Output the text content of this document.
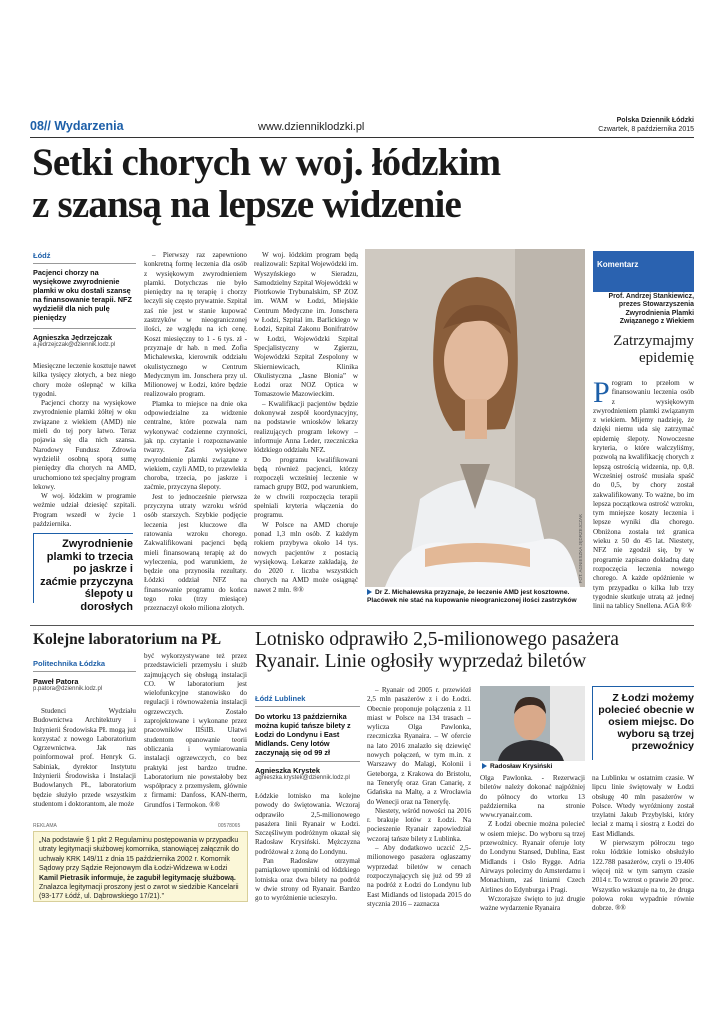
08// Wydarzenia	www.dzienniklodzki.pl
Polska Dziennik Łódzki
Czwartek, 8 października 2015
Setki chorych w woj. łódzkim
z szansą na lepsze widzenie
Łódź
Pacjenci chorzy na wysiękowe zwyrodnienie plamki w oku dostali szansę na finansowanie terapii. NFZ wydzielił dla nich pulę pieniędzy
Agnieszka Jędrzejczak
a.jedrzejczak@dziennik.lodz.pl

Miesięczne leczenie kosztuje nawet kilka tysięcy złotych, a bez niego chory może oślepnąć w kilka tygodni.

Pacjenci chorzy na wysiękowe zwyrodnienie plamki żółtej w oku związane z wiekiem (AMD) nie mieli do tej pory łatwo. Teraz pojawia się dla nich szansa. Narodowy Fundusz Zdrowia wydzielił osobną sporą sumę pieniędzy dla chorych na AMD, uruchomiono też specjalny program lekowy.

W woj. łódzkim w programie weźmie udział dziesięć szpitali. Program wszedł w życie 1 października.

Zwyrodnienie plamki to trzecia po jaskrze i zaćmie przyczyna ślepoty u dorosłych

– Pierwszy raz zapewniono konkretną formę leczenia dla osób z wysiękowym zwyrodnieniem plamki. Dotychczas nie było pieniędzy na tę terapię i chorzy leczyli się często prywatnie. Szpital zaś nie jest w stanie kupować zastrzyków w nieograniczonej ilości, ze względu na ich cenę. Koszt miesięczny to 1 - 6 tys. zł - przyznaje dr hab. n med. Zofia Michalewska, kierownik oddziału okulistycznego w Centrum Medycznym im. Jonschera przy ul. Milionowej w Łodzi, które będzie realizowało program.

Plamka to miejsce na dnie oka odpowiedzialne za widzenie centralne, które pozwala nam wykonywać codzienne czynności, jak np. czytanie i rozpoznawanie twarzy. Zaś wysiękowe zwyrodnienie plamki związane z wiekiem, czyli AMD, to przewlekła choroba, trzecia, po jaskrze i zaćmie, przyczyna ślepoty.

Jest to jednocześnie pierwsza przyczyna utraty wzroku wśród osób starszych. Szybkie podjęcie leczenia jest kluczowe dla ratowania wzroku chorego. Zakwalifikowani pacjenci będą mieli finansowaną terapię aż do wyleczenia, pod warunkiem, że będzie ona przynosiła rezultaty. Łódzki oddział NFZ na finansowanie programu do końca tego roku (trzy miesiące) przeznaczył około miliona złotych.

W woj. łódzkim program będą realizowali: Szpital Wojewódzki im. Wyszyńskiego w Sieradzu, Samodzielny Szpital Wojewódzki w Piotrkowie Trybunalskim, SP ZOZ im. WAM w Łodzi, Miejskie Centrum Medyczne im. Jonschera w Łodzi, Szpital im. Barlickiego w Łodzi, Szpital Zakonu Bonifratrów w Łodzi, Wojewódzki Szpital Specjalistyczny w Zgierzu, Wojewódzki Szpital Zespolony w Skierniewicach, Klinika Okulistyczna „Jasne Błonia” w Łodzi oraz NOZ Optica w Tomaszowie Mazowieckim.

– Kwalifikacji pacjentów będzie dokonywał zespół koordynacyjny, na podstawie wniosków lekarzy realizujących program lekowy – informuje Anna Leder, rzeczniczka łódzkiego oddziału NFZ.

Do programu kwalifikowani będą również pacjenci, którzy rozpoczęli wcześniej leczenie w ramach grupy B02, pod warunkiem, że w chwili rozpoczęcia terapii spełniali kryteria włączenia do programu.

W Polsce na AMD choruje ponad 1,3 mln osób. Z każdym rokiem przybywa około 14 tys. nowych pacjentów z postacią wysiękową. Lekarze zakładają, że do 2020 r. liczba wszystkich chorych na AMD może osiągnąć nawet 2 mln. ®®

FOT. AGNIESZKA JĘDRZEJCZAK
Dr Z. Michalewska przyznaje, że leczenie AMD jest kosztowne. Placówek nie stać na kupowanie nieograniczonej ilości zastrzyków
Komentarz
Prof. Andrzej Stankiewicz, prezes Stowarzyszenia Zwyrodnienia Plamki Związanego z Wiekiem
Zatrzymajmy epidemię
P rogram to przełom w finansowaniu leczenia osób z wysiękowym zwyrodnieniem plamki związanym z wiekiem. Mijemy nadzieję, że dzięki niemu uda się zatrzymać epidemię ślepoty. Nowoczesne kryteria, o które walczyliśmy, pozwolą na kwalifikację chorych z lepszą ostrością widzenia, np. 0,8. Wcześniej ostrość musiała spaść do 0,5, by chory został zakwalifikowany. To ważne, bo im lepsza początkowa ostrość wzroku, tym mniejsze koszty leczenia i lepsze wyniki dla chorego. Obniżona została też granica wieku z 50 do 45 lat. Niestety, NFZ nie zgodził się, by w programie zapisano dokładną datę rozpoczęcia leczenia nowego chorego. A każde opóźnienie w tym przypadku o kilka lub trzy tygodnie skutkuje utratą aż jednej linii na tablicy Snellena. AGA ®®
Kolejne laboratorium na PŁ
Politechnika Łódzka
Paweł Patora
p.patora@dziennik.lodz.pl

Studenci Wydziału Budownictwa Architektury i Inżynierii Środowiska PŁ mogą już korzystać z nowego Laboratorium Ogrzewnictwa. Jak nas poinformował prof. Henryk G. Sabiniak, dyrektor Instytutu Inżynierii Środowiska i Instalacji Budowlanych PŁ, laboratorium będzie służyło przede wszystkim studentom i doktorantom, ale może

być wykorzystywane też przez przedstawicieli przemysłu i służb zajmujących się obsługą instalacji CO. W laboratorium jest wielofunkcyjne stanowisko do regulacji i równoważenia instalacji ogrzewczych. Zostało zaprojektowane i wykonane przez pracowników IIŚiIB. Ułatwi studentom opanowanie teorii obliczania i wymiarowania instalacji ogrzewczych, co bez praktyki jest bardzo trudne. Laboratorium nie powstałoby bez współpracy z przemysłem, głównie z firmami: Danfoss, KAN-therm, Grundfos i Termokon. ®®

REKLAMA	00578065
„Na podstawie § 1 pkt 2 Regulaminu postępowania w przypadku utraty legitymacji służbowej komornika, stanowiącej załącznik do uchwały KRK 149/11 z dnia 15 października 2002 r. Komornik Sądowy przy Sądzie Rejonowym dla Łodzi-Widzewa w Łodzi Kamil Pietrasik informuje, że zagubił legitymację służbową. Znalazca legitymacji proszony jest o zwrot w siedzibie Kancelarii (93-177 Łódź, ul. Dąbrowskiego 17/21).”
Lotnisko odprawiło 2,5-milionowego pasażera
Ryanair. Linie ogłosiły wyprzedaż biletów
Łódź Lublinek
Do wtorku 13 października można kupić tańsze bilety z Łodzi do Londynu i East Midlands. Ceny lotów zaczynają się od 99 zł
Agnieszka Krystek
agnieszka.krystek@dziennik.lodz.pl

Łódzkie lotnisko ma kolejne powody do świętowania. Wczoraj odprawiło 2,5-milionowego pasażera linii Ryanair w Łodzi. Szczęśliwym podróżnym okazał się Radosław Krysiński. Mężczyzna podróżował z żoną do Londynu.

Pan Radosław otrzymał pamiątkowe upominki od łódzkiego lotniska oraz dwa bilety na podróż w dwie strony od Ryanair. Bardzo go to wyróżnienie ucieszyło.

– Ryanair od 2005 r. przewiózł 2,5 mln pasażerów z i do Łodzi. Obecnie proponuje połączenia z 11 miast w Polsce na 134 trasach – wylicza Olga Pawlonka, rzeczniczka Ryanaira. – W ofercie na lato 2016 znalazło się dziewięć nowych połączeń, w tym m.in. z Warszawy do Malagi, Kolonii i Geteborga, z Krakowa do Bristolu, na Teneryfę oraz Gran Canarię, z Gdańska na Maltę, a z Wrocławia do Wenecji oraz na Teneryfę.

Niestety, wśród nowości na 2016 r. brakuje lotów z Łodzi. Na pocieszenie Ryanair zapowiedział wczoraj tańsze bilety z Lublinka.

– Aby dodatkowo uczcić 2,5-milionowego pasażera ogłaszamy wyprzedaż biletów w cenach rozpoczynających się już od 99 zł na podróż z Łodzi do Londynu lub East Midlands od listopada 2015 do stycznia 2016 – zaznacza

Radosław Krysiński

Olga Pawlonka. - Rezerwacji biletów należy dokonać najpóźniej do północy do wtorku 13 października na stronie www.ryanair.com.

Z Łodzi obecnie można polecieć w osiem miejsc. Do wyboru są trzej przewoźnicy. Ryanair oferuje loty do Londynu Stansed, Dublina, East Midlands i Oslo Rygge. Adria Airways polecimy do Amsterdamu i Monachium, zaś liniami Czech Airlines do Edynburga i Pragi.

Wczorajsze święto to już drugie ważne wydarzenie Ryanaira

Z Łodzi możemy polecieć obecnie w osiem miejsc. Do wyboru są trzej przewoźnicy

na Lublinku w ostatnim czasie. W lipcu linie świętowały w Łodzi obsługę 40 mln pasażerów w Polsce. Wtedy wyróżniony został trzylatni Jakub Przybylski, który leciał z mamą i siostrą z Łodzi do East Midlands.

W pierwszym półroczu tego roku łódzkie lotnisko obsłużyło 122.788 pasażerów, czyli o 19.406 więcej niż w tym samym czasie 2014 r. To wzrost o prawie 20 proc. Wszystko wskazuje na to, że druga połowa roku wypadnie równie dobrze. ®®
